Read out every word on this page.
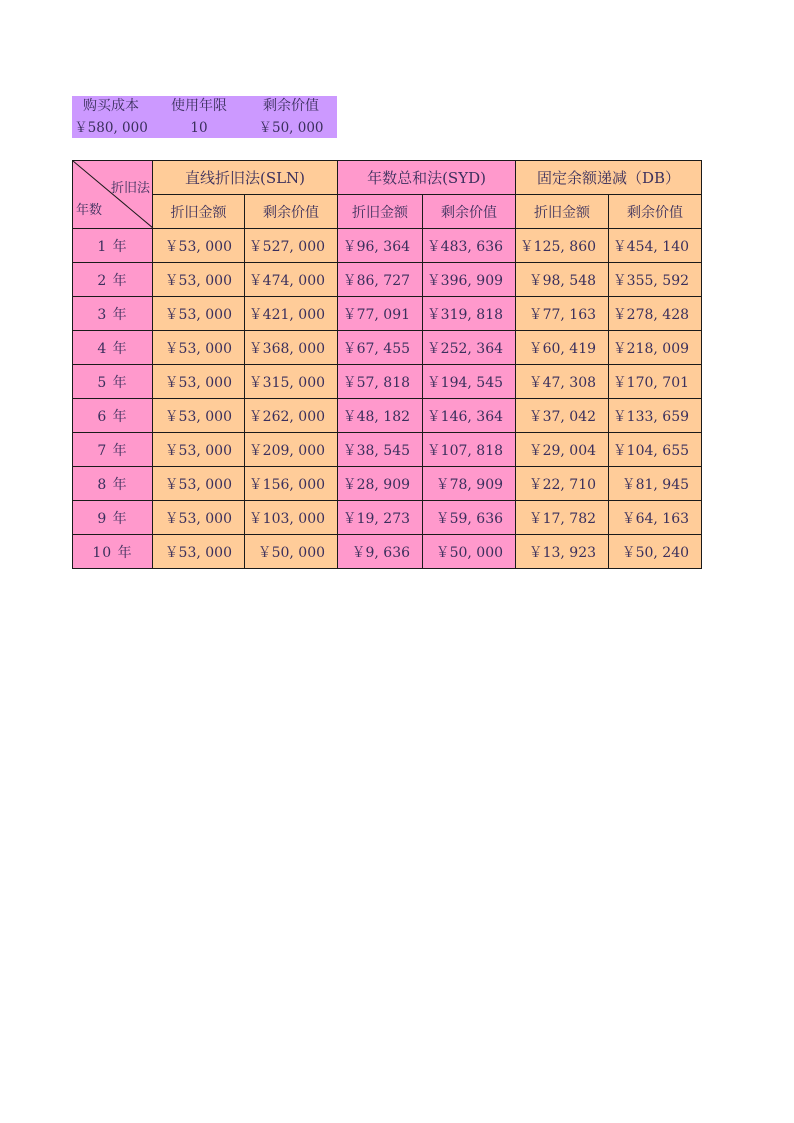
购买成本	使用年限	剩余价值
￥580, 000	10	￥50, 000
折旧法
年数	直线折旧法(SLN)		年数总和法(SYD)		固定余额递减（DB）	
	折旧金额	剩余价值	折旧金额	剩余价值	折旧金额	剩余价值
1 年	￥53, 000	￥527, 000	￥96, 364	￥483, 636	￥125, 860	￥454, 140
2 年	￥53, 000	￥474, 000	￥86, 727	￥396, 909	￥98, 548	￥355, 592
3 年	￥53, 000	￥421, 000	￥77, 091	￥319, 818	￥77, 163	￥278, 428
4 年	￥53, 000	￥368, 000	￥67, 455	￥252, 364	￥60, 419	￥218, 009
5 年	￥53, 000	￥315, 000	￥57, 818	￥194, 545	￥47, 308	￥170, 701
6 年	￥53, 000	￥262, 000	￥48, 182	￥146, 364	￥37, 042	￥133, 659
7 年	￥53, 000	￥209, 000	￥38, 545	￥107, 818	￥29, 004	￥104, 655
8 年	￥53, 000	￥156, 000	￥28, 909	￥78, 909	￥22, 710	￥81, 945
9 年	￥53, 000	￥103, 000	￥19, 273	￥59, 636	￥17, 782	￥64, 163
10 年	￥53, 000	￥50, 000	￥9, 636	￥50, 000	￥13, 923	￥50, 240
